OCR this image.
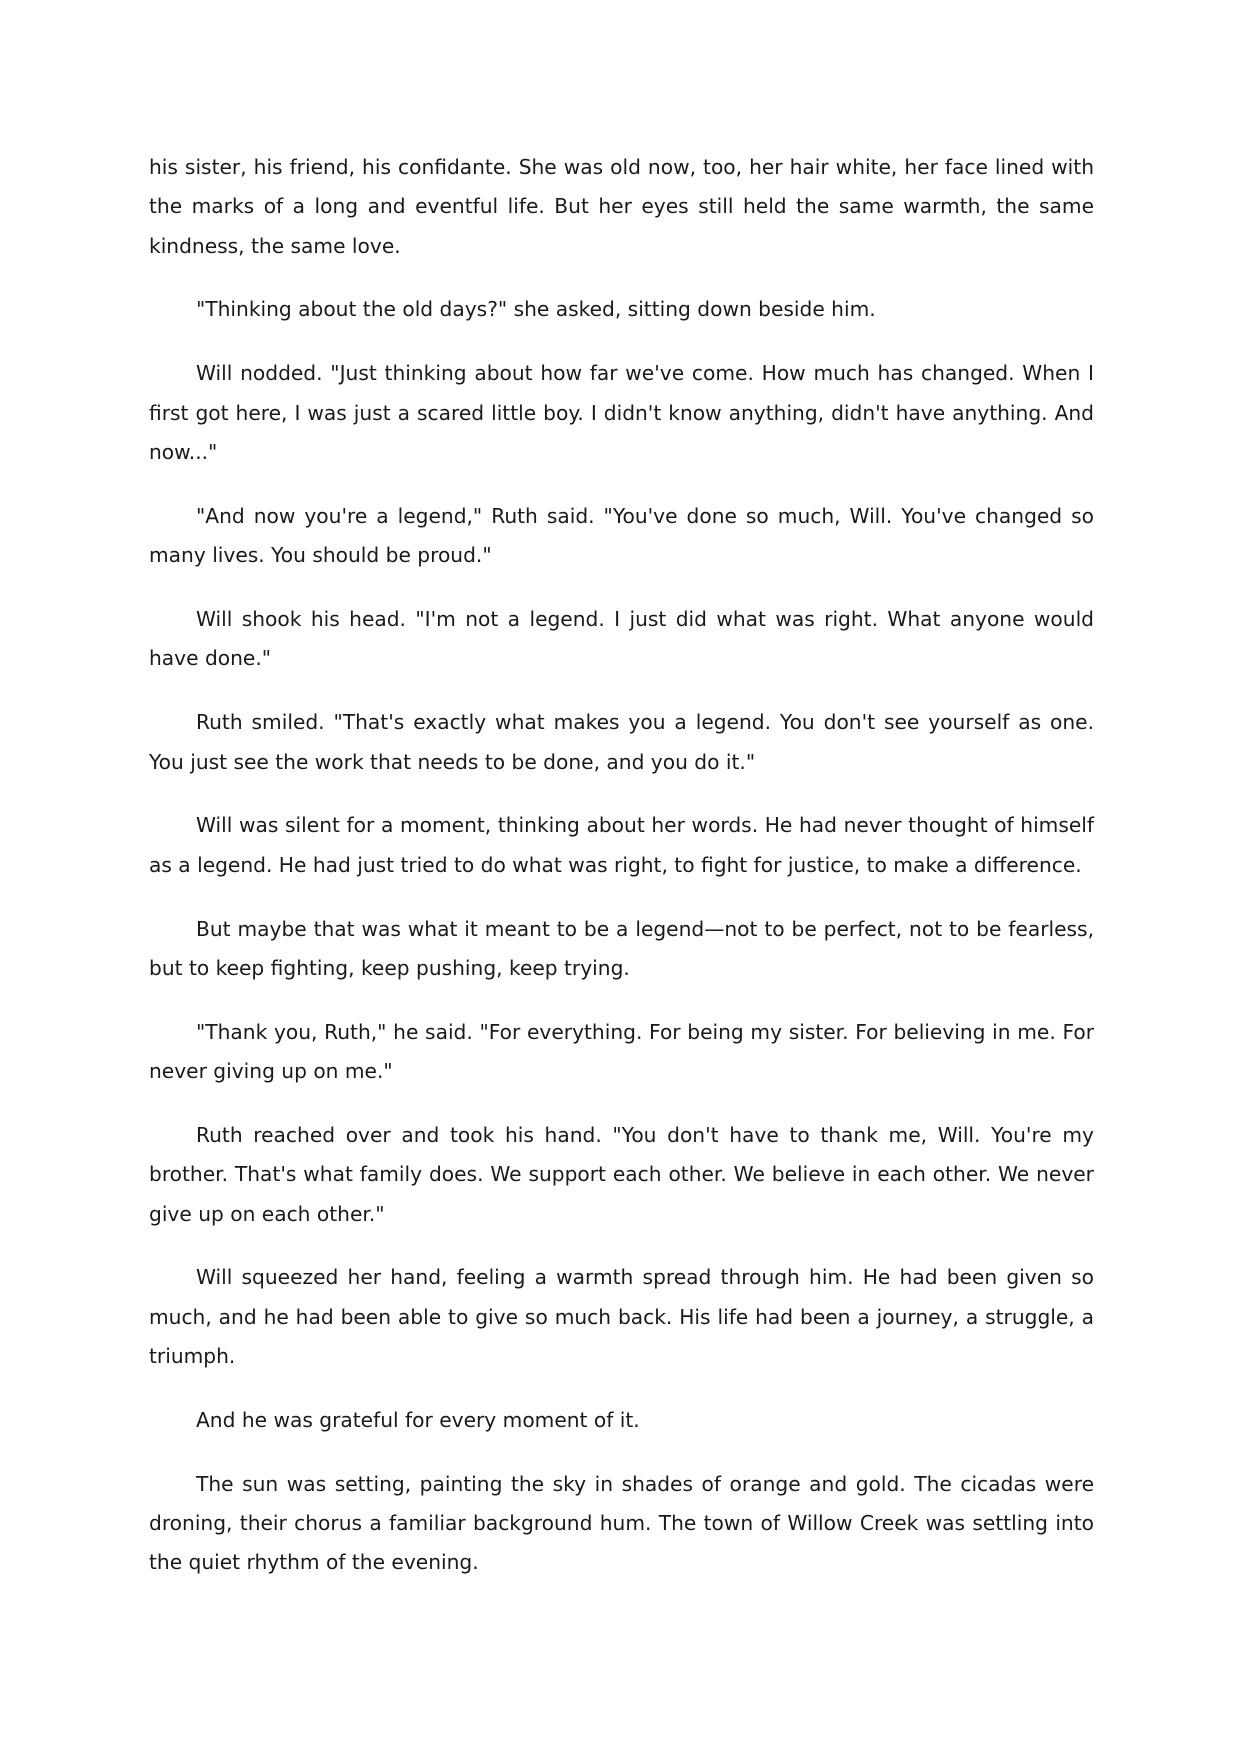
his sister, his friend, his confidante. She was old now, too, her hair white, her face lined with the marks of a long and eventful life. But her eyes still held the same warmth, the same kindness, the same love.

"Thinking about the old days?" she asked, sitting down beside him.

Will nodded. "Just thinking about how far we've come. How much has changed. When I first got here, I was just a scared little boy. I didn't know anything, didn't have anything. And now..."

"And now you're a legend," Ruth said. "You've done so much, Will. You've changed so many lives. You should be proud."

Will shook his head. "I'm not a legend. I just did what was right. What anyone would have done."

Ruth smiled. "That's exactly what makes you a legend. You don't see yourself as one. You just see the work that needs to be done, and you do it."

Will was silent for a moment, thinking about her words. He had never thought of himself as a legend. He had just tried to do what was right, to fight for justice, to make a difference.

But maybe that was what it meant to be a legend—not to be perfect, not to be fearless, but to keep fighting, keep pushing, keep trying.

"Thank you, Ruth," he said. "For everything. For being my sister. For believing in me. For never giving up on me."

Ruth reached over and took his hand. "You don't have to thank me, Will. You're my brother. That's what family does. We support each other. We believe in each other. We never give up on each other."

Will squeezed her hand, feeling a warmth spread through him. He had been given so much, and he had been able to give so much back. His life had been a journey, a struggle, a triumph.

And he was grateful for every moment of it.

The sun was setting, painting the sky in shades of orange and gold. The cicadas were droning, their chorus a familiar background hum. The town of Willow Creek was settling into the quiet rhythm of the evening.
